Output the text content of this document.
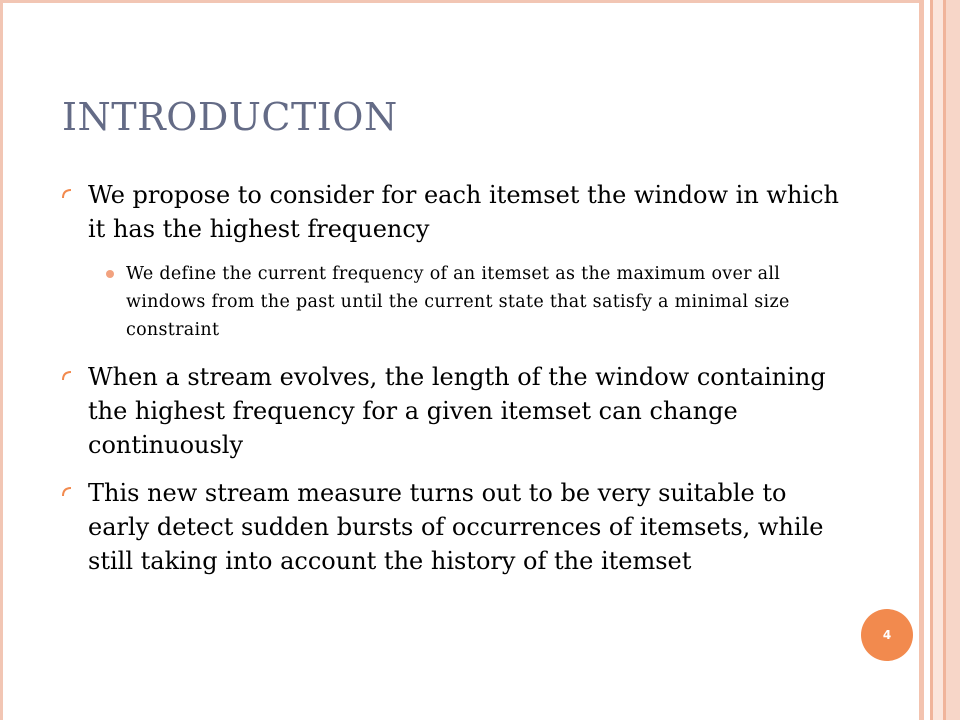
INTRODUCTION
We propose to consider for each itemset the window in which it has the highest frequency
We define the current frequency of an itemset as the maximum over all windows from the past until the current state that satisfy a minimal size constraint
When a stream evolves, the length of the window containing the highest frequency for a given itemset can change continuously
This new stream measure turns out to be very suitable to early detect sudden bursts of occurrences of itemsets, while still taking into account the history of the itemset
4
